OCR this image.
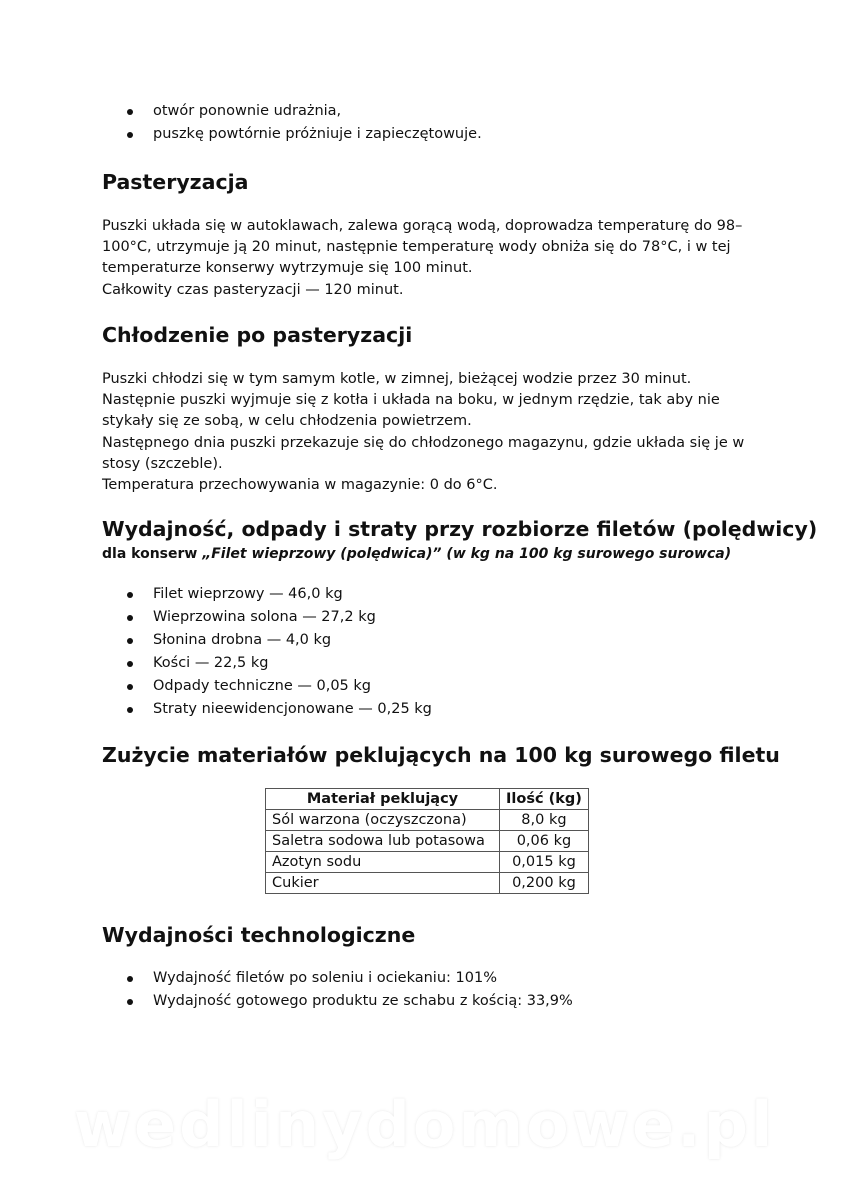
otwór ponownie udrażnia,
puszkę powtórnie próżniuje i zapieczętowuje.
Pasteryzacja

Puszki układa się w autoklawach, zalewa gorącą wodą, doprowadza temperaturę do 98–100°C, utrzymuje ją 20 minut, następnie temperaturę wody obniża się do 78°C, i w tej temperaturze konserwy wytrzymuje się 100 minut.

Całkowity czas pasteryzacji — 120 minut.

Chłodzenie po pasteryzacji

Puszki chłodzi się w tym samym kotle, w zimnej, bieżącej wodzie przez 30 minut.

Następnie puszki wyjmuje się z kotła i układa na boku, w jednym rzędzie, tak aby nie stykały się ze sobą, w celu chłodzenia powietrzem.

Następnego dnia puszki przekazuje się do chłodzonego magazynu, gdzie układa się je w stosy (szczeble).

Temperatura przechowywania w magazynie: 0 do 6°C.

Wydajność, odpady i straty przy rozbiorze filetów (polędwicy)
dla konserw „Filet wieprzowy (polędwica)” (w kg na 100 kg surowego surowca)
Filet wieprzowy — 46,0 kg
Wieprzowina solona — 27,2 kg
Słonina drobna — 4,0 kg
Kości — 22,5 kg
Odpady techniczne — 0,05 kg
Straty nieewidencjonowane — 0,25 kg
Zużycie materiałów peklujących na 100 kg surowego filetu
Materiał peklujący	Ilość (kg)
Sól warzona (oczyszczona)	8,0 kg
Saletra sodowa lub potasowa	0,06 kg
Azotyn sodu	0,015 kg
Cukier	0,200 kg
Wydajności technologiczne
Wydajność filetów po soleniu i ociekaniu: 101%
Wydajność gotowego produktu ze schabu z kością: 33,9%
wedlinydomowe.pl
